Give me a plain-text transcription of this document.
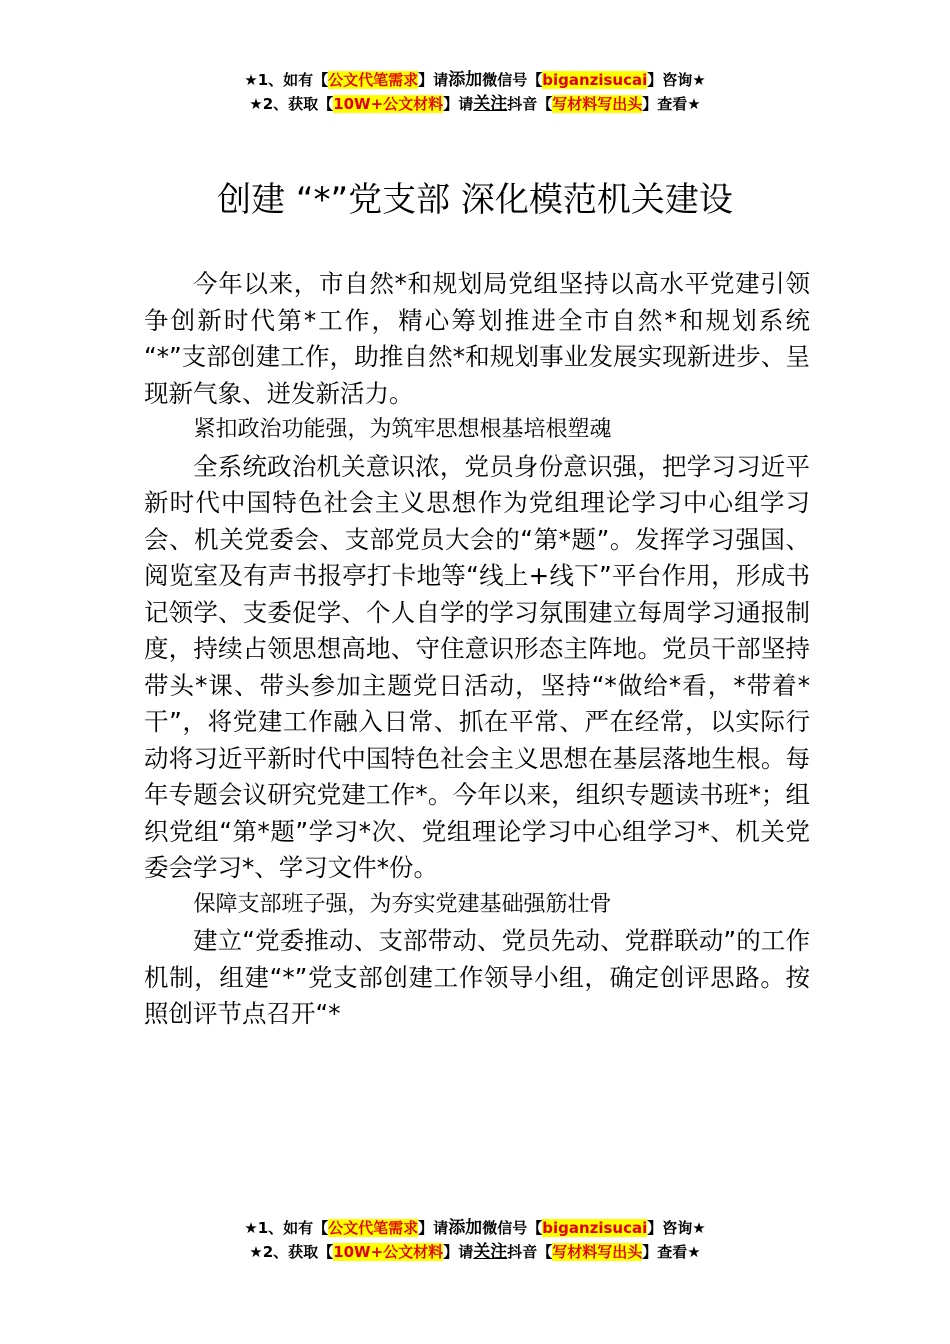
★1、如有【公文代笔需求】请添加微信号【biganzisucai】咨询★
★2、获取【10W+公文材料】请关注抖音【写材料写出头】查看★
创建 “*”党支部 深化模范机关建设

今年以来，市自然*和规划局党组坚持以高水平党建引领争创新时代第*工作，精心筹划推进全市自然*和规划系统 “*”支部创建工作，助推自然*和规划事业发展实现新进步、呈现新气象、迸发新活力。

紧扣政治功能强，为筑牢思想根基培根塑魂

全系统政治机关意识浓，党员身份意识强，把学习习近平新时代中国特色社会主义思想作为党组理论学习中心组学习会、机关党委会、支部党员大会的“第*题”。发挥学习强国、阅览室及有声书报亭打卡地等“线上+线下”平台作用，形成书记领学、支委促学、个人自学的学习氛围建立每周学习通报制度，持续占领思想高地、守住意识形态主阵地。党员干部坚持带头*课、带头参加主题党日活动，坚持“*做给*看，*带着*干”，将党建工作融入日常、抓在平常、严在经常，以实际行动将习近平新时代中国特色社会主义思想在基层落地生根。每年专题会议研究党建工作*。今年以来，组织专题读书班*；组织党组“第*题”学习*次、党组理论学习中心组学习*、机关党委会学习*、学习文件*份。

保障支部班子强，为夯实党建基础强筋壮骨

建立“党委推动、支部带动、党员先动、党群联动”的工作机制，组建“*”党支部创建工作领导小组，确定创评思路。按照创评节点召开“*

★1、如有【公文代笔需求】请添加微信号【biganzisucai】咨询★
★2、获取【10W+公文材料】请关注抖音【写材料写出头】查看★
